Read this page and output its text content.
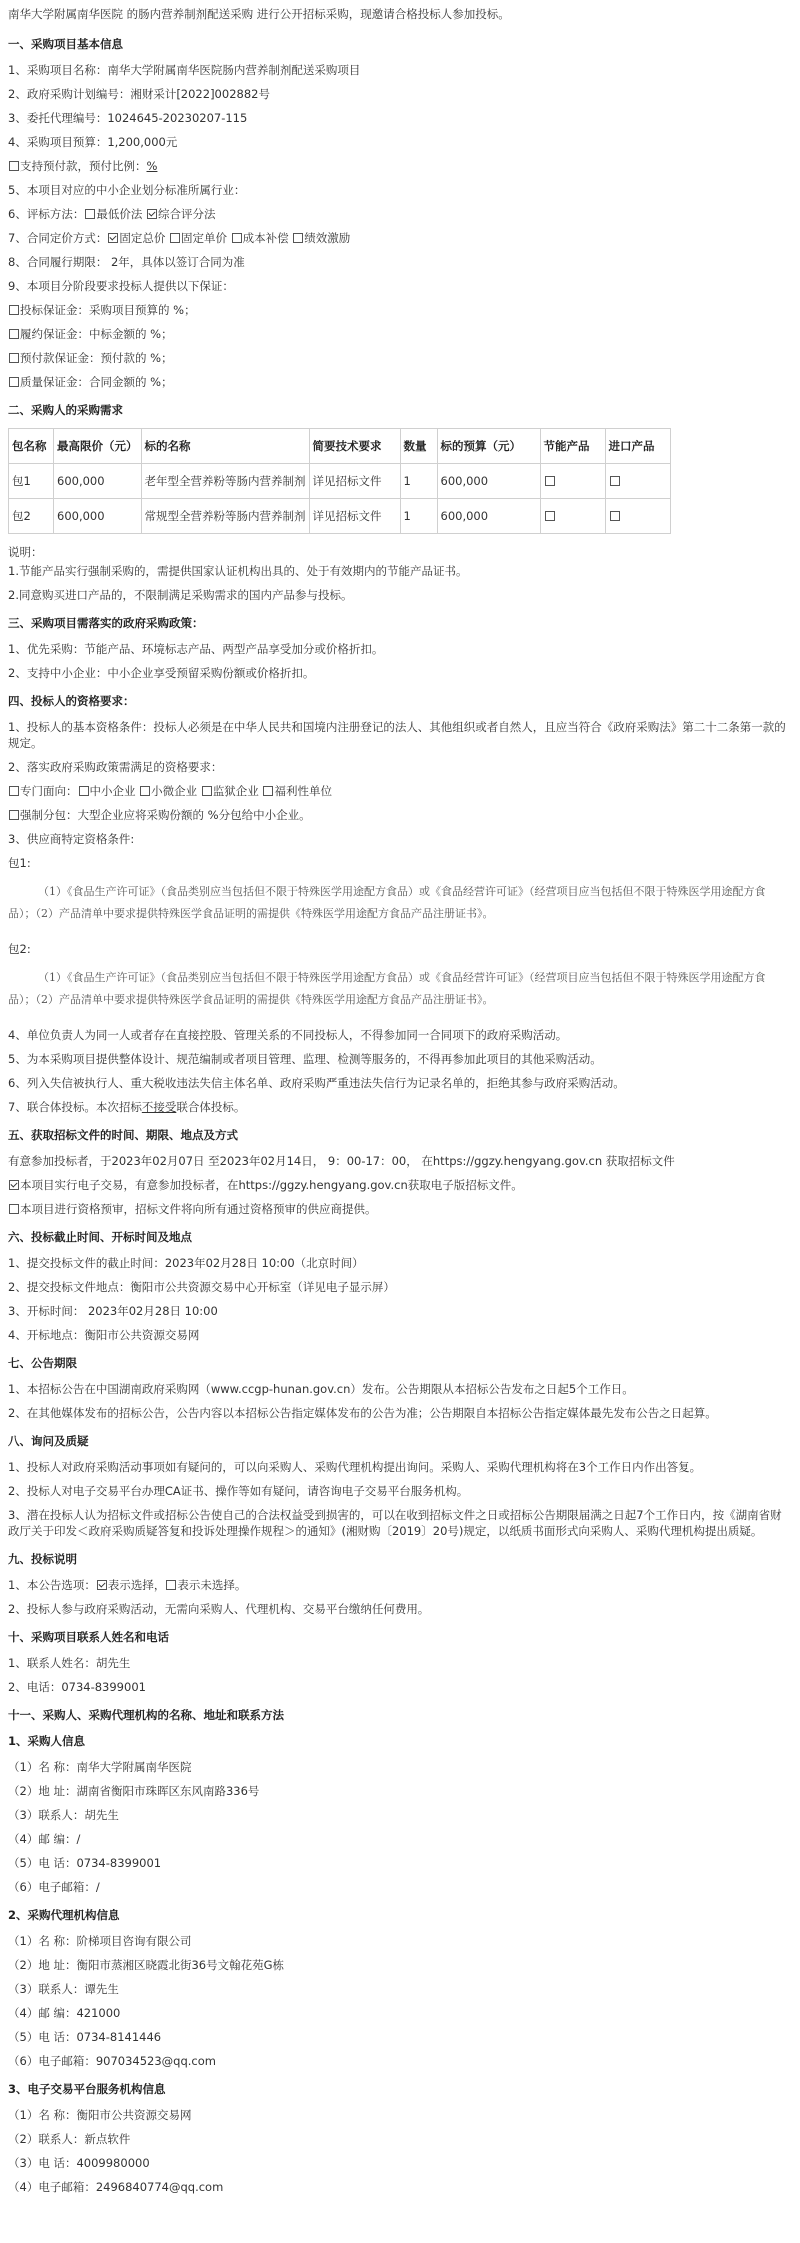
南华大学附属南华医院 的肠内营养制剂配送采购 进行公开招标采购，现邀请合格投标人参加投标。

一、采购项目基本信息

1、采购项目名称：南华大学附属南华医院肠内营养制剂配送采购项目

2、政府采购计划编号：湘财采计[2022]002882号

3、委托代理编号：1024645-20230207-115

4、采购项目预算：1,200,000元

支持预付款，预付比例：%

5、本项目对应的中小企业划分标准所属行业：

6、评标方法： 最低价法 综合评分法

7、合同定价方式： 固定总价 固定单价 成本补偿 绩效激励

8、合同履行期限： 2年，具体以签订合同为准

9、本项目分阶段要求投标人提供以下保证：

投标保证金：采购项目预算的 %；

履约保证金：中标金额的 %；

预付款保证金：预付款的 %；

质量保证金：合同金额的 %；

二、采购人的采购需求

包名称	最高限价（元）	标的名称	简要技术要求	数量	标的预算（元）	节能产品	进口产品
包1	600,000	老年型全营养粉等肠内营养制剂	详见招标文件	1	600,000		
包2	600,000	常规型全营养粉等肠内营养制剂	详见招标文件	1	600,000		

说明：

1.节能产品实行强制采购的，需提供国家认证机构出具的、处于有效期内的节能产品证书。

2.同意购买进口产品的，不限制满足采购需求的国内产品参与投标。

三、采购项目需落实的政府采购政策：

1、优先采购：节能产品、环境标志产品、两型产品享受加分或价格折扣。

2、支持中小企业：中小企业享受预留采购份额或价格折扣。

四、投标人的资格要求：

1、投标人的基本资格条件：投标人必须是在中华人民共和国境内注册登记的法人、其他组织或者自然人，且应当符合《政府采购法》第二十二条第一款的规定。

2、落实政府采购政策需满足的资格要求：

专门面向： 中小企业 小微企业 监狱企业 福利性单位

强制分包：大型企业应将采购份额的 %分包给中小企业。

3、供应商特定资格条件:

包1:

（1）《食品生产许可证》（食品类别应当包括但不限于特殊医学用途配方食品）或《食品经营许可证》（经营项目应当包括但不限于特殊医学用途配方食品）；（2）产品清单中要求提供特殊医学食品证明的需提供《特殊医学用途配方食品产品注册证书》。

包2:

（1）《食品生产许可证》（食品类别应当包括但不限于特殊医学用途配方食品）或《食品经营许可证》（经营项目应当包括但不限于特殊医学用途配方食品）；（2）产品清单中要求提供特殊医学食品证明的需提供《特殊医学用途配方食品产品注册证书》。

4、单位负责人为同一人或者存在直接控股、管理关系的不同投标人，不得参加同一合同项下的政府采购活动。

5、为本采购项目提供整体设计、规范编制或者项目管理、监理、检测等服务的，不得再参加此项目的其他采购活动。

6、列入失信被执行人、重大税收违法失信主体名单、政府采购严重违法失信行为记录名单的，拒绝其参与政府采购活动。

7、联合体投标。本次招标不接受联合体投标。

五、获取招标文件的时间、期限、地点及方式

有意参加投标者，于2023年02月07日 至2023年02月14日， 9：00-17：00， 在https://ggzy.hengyang.gov.cn 获取招标文件

本项目实行电子交易，有意参加投标者，在https://ggzy.hengyang.gov.cn获取电子版招标文件。

本项目进行资格预审，招标文件将向所有通过资格预审的供应商提供。

六、投标截止时间、开标时间及地点

1、提交投标文件的截止时间：2023年02月28日 10:00（北京时间）

2、提交投标文件地点：衡阳市公共资源交易中心开标室（详见电子显示屏）

3、开标时间： 2023年02月28日 10:00

4、开标地点：衡阳市公共资源交易网

七、公告期限

1、本招标公告在中国湖南政府采购网（www.ccgp-hunan.gov.cn）发布。公告期限从本招标公告发布之日起5个工作日。

2、在其他媒体发布的招标公告，公告内容以本招标公告指定媒体发布的公告为准；公告期限自本招标公告指定媒体最先发布公告之日起算。

八、询问及质疑

1、投标人对政府采购活动事项如有疑问的，可以向采购人、采购代理机构提出询问。采购人、采购代理机构将在3个工作日内作出答复。

2、投标人对电子交易平台办理CA证书、操作等如有疑问，请咨询电子交易平台服务机构。

3、潜在投标人认为招标文件或招标公告使自己的合法权益受到损害的，可以在收到招标文件之日或招标公告期限届满之日起7个工作日内，按《湖南省财政厅关于印发＜政府采购质疑答复和投诉处理操作规程＞的通知》(湘财购〔2019〕20号)规定，以纸质书面形式向采购人、采购代理机构提出质疑。

九、投标说明

1、本公告选项： 表示选择， 表示未选择。

2、投标人参与政府采购活动，无需向采购人、代理机构、交易平台缴纳任何费用。

十、采购项目联系人姓名和电话

1、联系人姓名：胡先生

2、电话：0734-8399001

十一、采购人、采购代理机构的名称、地址和联系方法

1、采购人信息

（1）名 称：南华大学附属南华医院

（2）地 址：湖南省衡阳市珠晖区东风南路336号

（3）联系人：胡先生

（4）邮 编：/

（5）电 话：0734-8399001

（6）电子邮箱：/

2、采购代理机构信息

（1）名 称：阶梯项目咨询有限公司

（2）地 址：衡阳市蒸湘区晓霞北街36号文翰花苑G栋

（3）联系人：谭先生

（4）邮 编：421000

（5）电 话：0734-8141446

（6）电子邮箱：907034523@qq.com

3、电子交易平台服务机构信息

（1）名 称：衡阳市公共资源交易网

（2）联系人：新点软件

（3）电 话：4009980000

（4）电子邮箱：2496840774@qq.com
